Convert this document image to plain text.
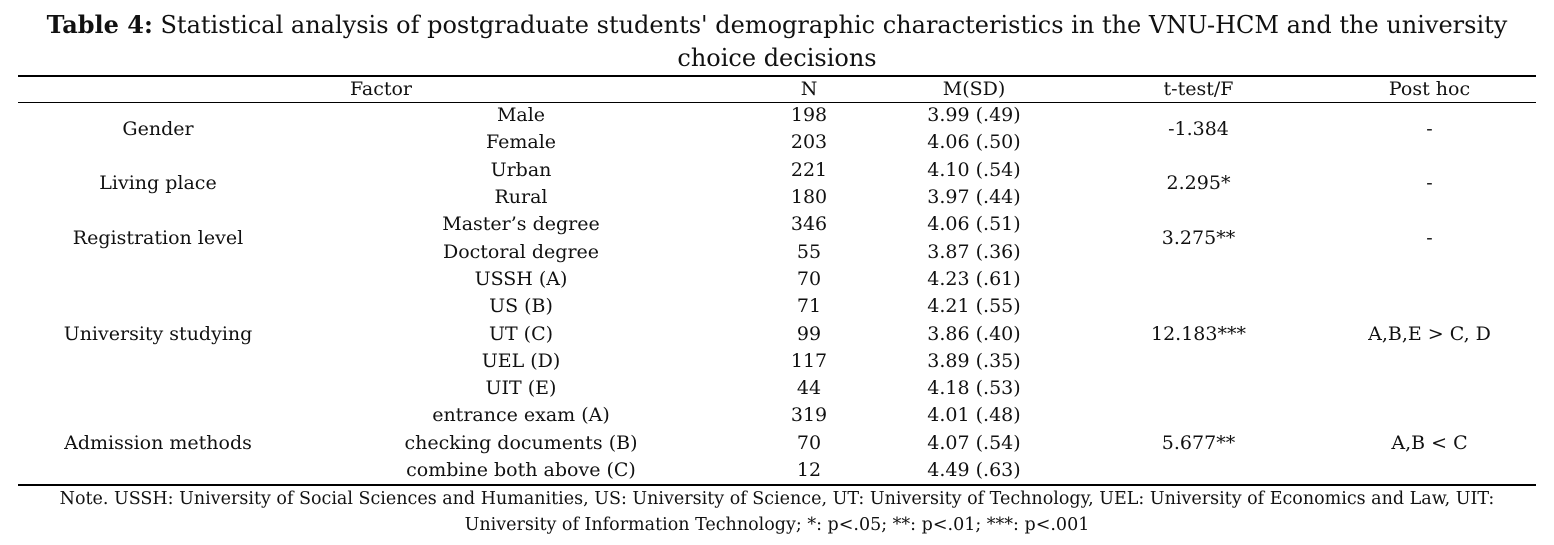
Table 4: Statistical analysis of postgraduate students' demographic characteristics in the VNU-HCM and the university choice decisions
Factor		N	M(SD)	t-test/F	Post hoc
Gender	Male	198	3.99 (.49)	-1.384	-
	Female	203	4.06 (.50)		
Living place	Urban	221	4.10 (.54)	2.295*	-
	Rural	180	3.97 (.44)		
Registration level	Master’s degree	346	4.06 (.51)	3.275**	-
	Doctoral degree	55	3.87 (.36)		
University studying	USSH (A)	70	4.23 (.61)	12.183***	A,B,E > C, D
	US (B)	71	4.21 (.55)		
	UT (C)	99	3.86 (.40)		
	UEL (D)	117	3.89 (.35)		
	UIT (E)	44	4.18 (.53)		
Admission methods	entrance exam (A)	319	4.01 (.48)	5.677**	A,B < C
	checking documents (B)	70	4.07 (.54)		
	combine both above (C)	12	4.49 (.63)		
Note. USSH: University of Social Sciences and Humanities, US: University of Science, UT: University of Technology, UEL: University of Economics and Law, UIT:
University of Information Technology; *: p<.05; **: p<.01; ***: p<.001
